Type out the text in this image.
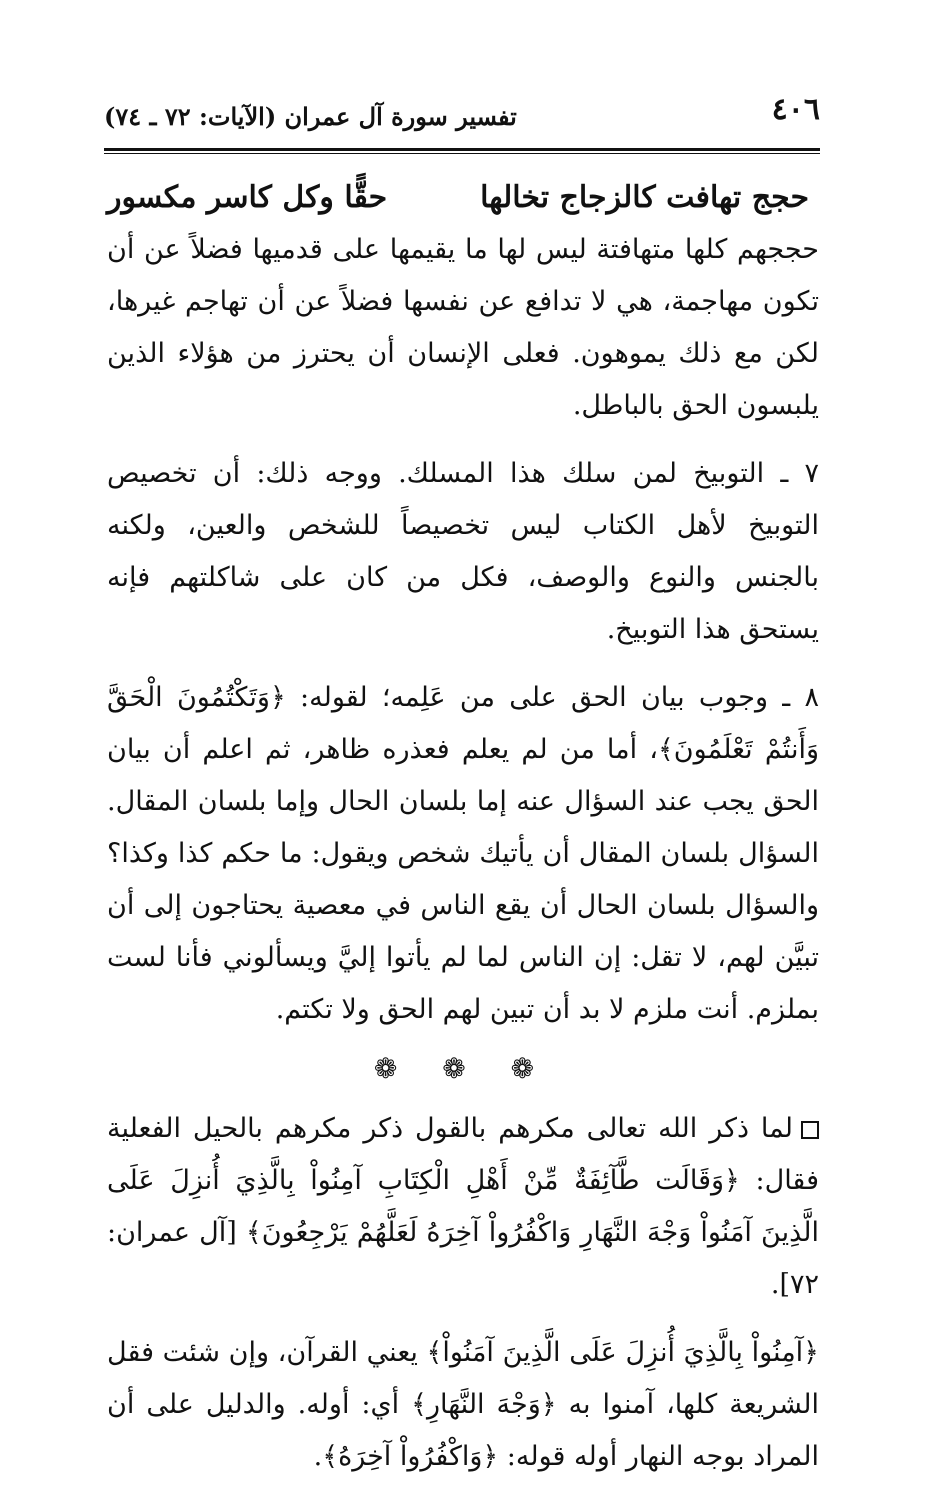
٤٠٦
تفسير سورة آل عمران (الآيات: ٧٢ ـ ٧٤)
حجج تهافت كالزجاج تخالها
حقًّا وكل كاسر مكسور

حججهم كلها متهافتة ليس لها ما يقيمها على قدميها فضلاً عن أن تكون مهاجمة، هي لا تدافع عن نفسها فضلاً عن أن تهاجم غيرها، لكن مع ذلك يموهون. فعلى الإنسان أن يحترز من هؤلاء الذين يلبسون الحق بالباطل.

٧ ـ التوبيخ لمن سلك هذا المسلك. ووجه ذلك: أن تخصيص التوبيخ لأهل الكتاب ليس تخصيصاً للشخص والعين، ولكنه بالجنس والنوع والوصف، فكل من كان على شاكلتهم فإنه يستحق هذا التوبيخ.

٨ ـ وجوب بيان الحق على من عَلِمه؛ لقوله: ﴿وَتَكْتُمُونَ الْحَقَّ وَأَنتُمْ تَعْلَمُونَ﴾، أما من لم يعلم فعذره ظاهر، ثم اعلم أن بيان الحق يجب عند السؤال عنه إما بلسان الحال وإما بلسان المقال. السؤال بلسان المقال أن يأتيك شخص ويقول: ما حكم كذا وكذا؟ والسؤال بلسان الحال أن يقع الناس في معصية يحتاجون إلى أن تبيَّن لهم، لا تقل: إن الناس لما لم يأتوا إليَّ ويسألوني فأنا لست بملزم. أنت ملزم لا بد أن تبين لهم الحق ولا تكتم.

❁ ❁ ❁

لما ذكر الله تعالى مكرهم بالقول ذكر مكرهم بالحيل الفعلية فقال: ﴿وَقَالَت طَّآئِفَةٌ مِّنْ أَهْلِ الْكِتَابِ آمِنُواْ بِالَّذِيَ أُنزِلَ عَلَى الَّذِينَ آمَنُواْ وَجْهَ النَّهَارِ وَاكْفُرُواْ آخِرَهُ لَعَلَّهُمْ يَرْجِعُونَ﴾ [آل عمران: ٧٢].

﴿آمِنُواْ بِالَّذِيَ أُنزِلَ عَلَى الَّذِينَ آمَنُواْ﴾ يعني القرآن، وإن شئت فقل الشريعة كلها، آمنوا به ﴿وَجْهَ النَّهَارِ﴾ أي: أوله. والدليل على أن المراد بوجه النهار أوله قوله: ﴿وَاكْفُرُواْ آخِرَهُ﴾.
